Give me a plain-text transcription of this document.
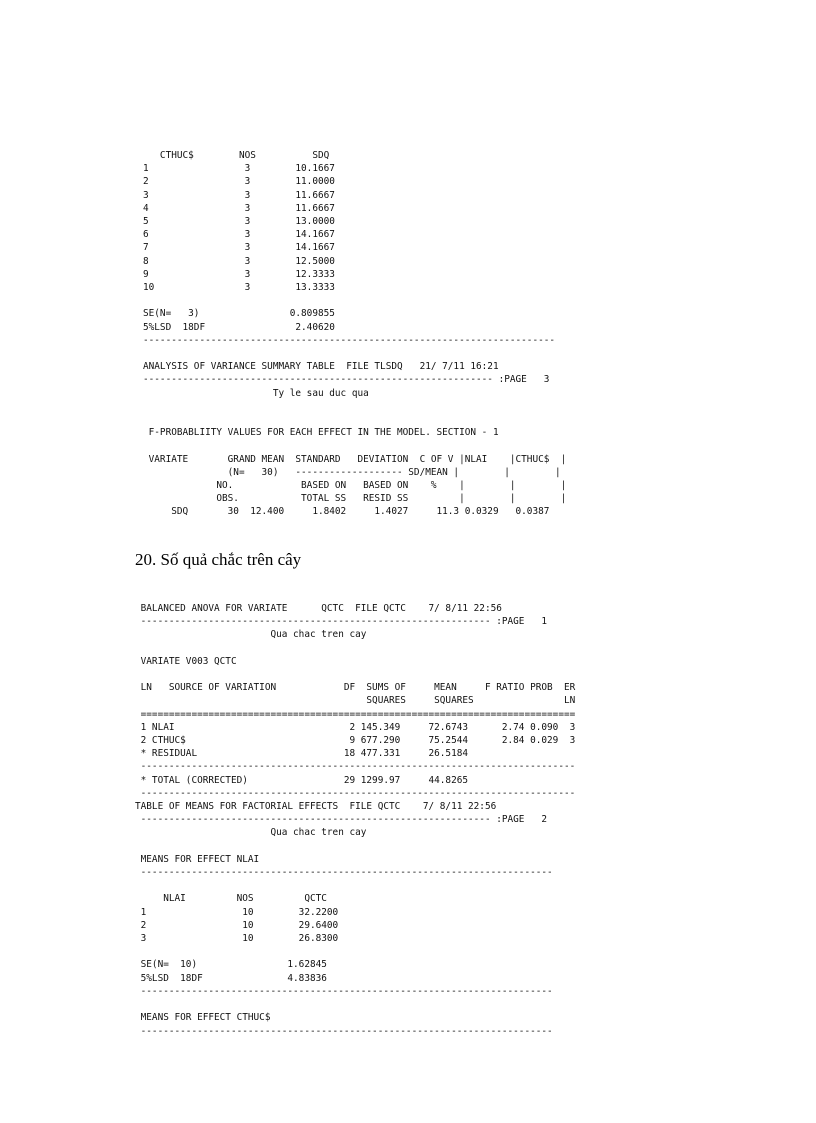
CTHUC$        NOS          SDQ
1                 3        10.1667
2                 3        11.0000
3                 3        11.6667
4                 3        11.6667
5                 3        13.0000
6                 3        14.1667
7                 3        14.1667
8                 3        12.5000
9                 3        12.3333
10                3        13.3333

SE(N=   3)                0.809855
5%LSD  18DF                2.40620
-------------------------------------------------------------------------

ANALYSIS OF VARIANCE SUMMARY TABLE  FILE TLSDQ   21/ 7/11 16:21
-------------------------------------------------------------- :PAGE   3
Ty le sau duc qua

F-PROBABLIITY VALUES FOR EACH EFFECT IN THE MODEL. SECTION - 1

VARIATE       GRAND MEAN  STANDARD   DEVIATION  C OF V |NLAI    |CTHUC$  |
(N=   30)   ------------------- SD/MEAN |        |        |
NO.            BASED ON   BASED ON    %    |        |        |
OBS.           TOTAL SS   RESID SS         |        |        |
SDQ       30  12.400     1.8402     1.4027     11.3 0.0329   0.0387
20. Số quả chắc trên cây
BALANCED ANOVA FOR VARIATE      QCTC  FILE QCTC    7/ 8/11 22:56
-------------------------------------------------------------- :PAGE   1
Qua chac tren cay

VARIATE V003 QCTC

LN   SOURCE OF VARIATION            DF  SUMS OF     MEAN     F RATIO PROB  ER
SQUARES     SQUARES                LN
=============================================================================
1 NLAI                               2 145.349     72.6743      2.74 0.090  3
2 CTHUC$                             9 677.290     75.2544      2.84 0.029  3
* RESIDUAL                          18 477.331     26.5184
-----------------------------------------------------------------------------
* TOTAL (CORRECTED)                 29 1299.97     44.8265
-----------------------------------------------------------------------------
TABLE OF MEANS FOR FACTORIAL EFFECTS  FILE QCTC    7/ 8/11 22:56
-------------------------------------------------------------- :PAGE   2
Qua chac tren cay

MEANS FOR EFFECT NLAI
-------------------------------------------------------------------------

NLAI         NOS         QCTC
1                 10        32.2200
2                 10        29.6400
3                 10        26.8300

SE(N=  10)                1.62845
5%LSD  18DF               4.83836
-------------------------------------------------------------------------

MEANS FOR EFFECT CTHUC$
-------------------------------------------------------------------------
